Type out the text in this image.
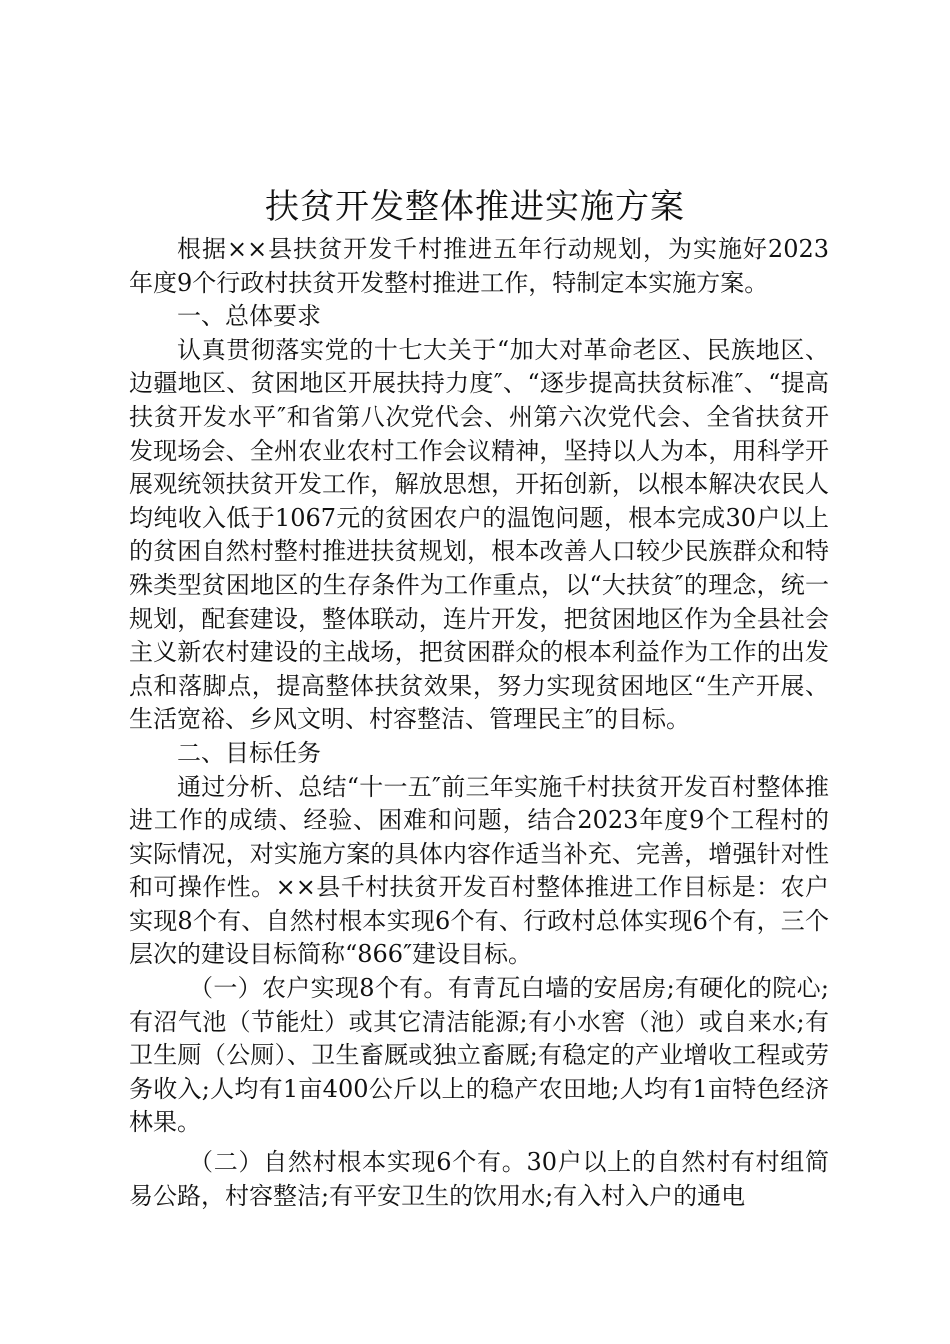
扶贫开发整体推进实施方案

根据××县扶贫开发千村推进五年行动规划，为实施好2023年度9个行政村扶贫开发整村推进工作，特制定本实施方案。

一、总体要求

认真贯彻落实党的十七大关于“加大对革命老区、民族地区、边疆地区、贫困地区开展扶持力度″、“逐步提高扶贫标准″、“提高扶贫开发水平″和省第八次党代会、州第六次党代会、全省扶贫开发现场会、全州农业农村工作会议精神，坚持以人为本，用科学开展观统领扶贫开发工作，解放思想，开拓创新，以根本解决农民人均纯收入低于1067元的贫困农户的温饱问题，根本完成30户以上的贫困自然村整村推进扶贫规划，根本改善人口较少民族群众和特殊类型贫困地区的生存条件为工作重点，以“大扶贫″的理念，统一规划，配套建设，整体联动，连片开发，把贫困地区作为全县社会主义新农村建设的主战场，把贫困群众的根本利益作为工作的出发点和落脚点，提高整体扶贫效果，努力实现贫困地区“生产开展、生活宽裕、乡风文明、村容整洁、管理民主″的目标。

二、目标任务

通过分析、总结“十一五″前三年实施千村扶贫开发百村整体推进工作的成绩、经验、困难和问题，结合2023年度9个工程村的实际情况，对实施方案的具体内容作适当补充、完善，增强针对性和可操作性。××县千村扶贫开发百村整体推进工作目标是：农户实现8个有、自然村根本实现6个有、行政村总体实现6个有，三个层次的建设目标简称“866″建设目标。

（一）农户实现8个有。有青瓦白墙的安居房;有硬化的院心;有沼气池（节能灶）或其它清洁能源;有小水窖（池）或自来水;有卫生厕（公厕）、卫生畜厩或独立畜厩;有稳定的产业增收工程或劳务收入;人均有1亩400公斤以上的稳产农田地;人均有1亩特色经济林果。

（二）自然村根本实现6个有。30户以上的自然村有村组简易公路，村容整洁;有平安卫生的饮用水;有入村入户的通电
